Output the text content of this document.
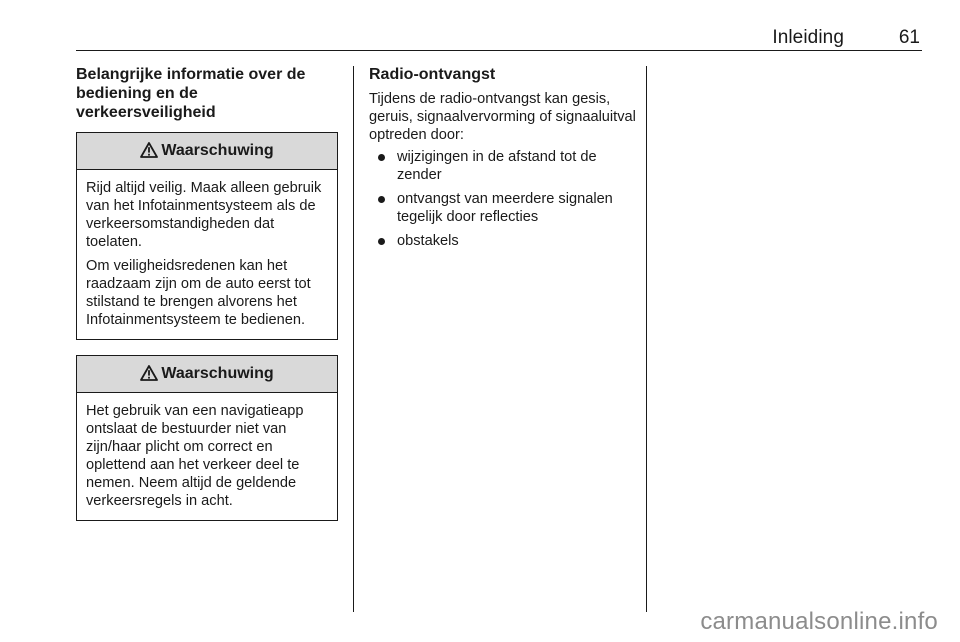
Inleiding	61
Belangrijke informatie over de bediening en de verkeersveiligheid
Waarschuwing

Rijd altijd veilig. Maak alleen gebruik van het Infotainmentsysteem als de verkeersomstandigheden dat toelaten.

Om veiligheidsredenen kan het raadzaam zijn om de auto eerst tot stilstand te brengen alvorens het Infotainmentsysteem te bedienen.

Waarschuwing

Het gebruik van een navigatieapp ontslaat de bestuurder niet van zijn/haar plicht om correct en oplettend aan het verkeer deel te nemen. Neem altijd de geldende verkeersregels in acht.

Radio-ontvangst

Tijdens de radio-ontvangst kan gesis, geruis, signaalvervorming of signaaluitval optreden door:

wijzigingen in de afstand tot de zender
ontvangst van meerdere signalen tegelijk door reflecties
obstakels
carmanualsonline.info
